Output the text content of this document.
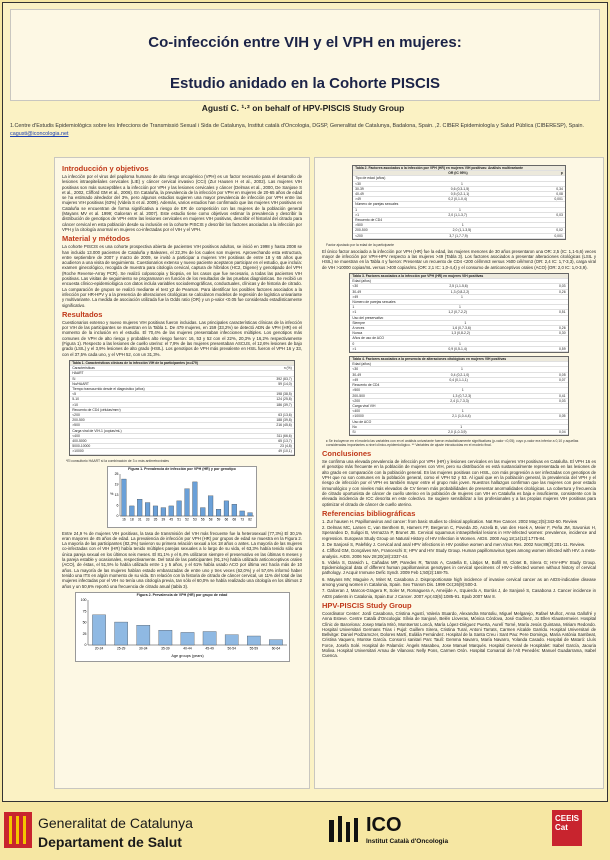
Co-infección entre VIH y el VPH en mujeres:
Estudio anidado en la Cohorte PISCIS
Agustí C. ¹·² on behalf of HPV-PISCIS Study Group
1.Centre d'Estudis Epidemiològics sobre les Infeccions de Transmissió Sexual i Sida de Catalunya, Institut català d'Oncologia, DGSP, Generalitat de Catalunya, Badalona, Spain. ,2. CIBER Epidemiología y Salud Pública (CIBERESP), Spain. cagusti@iconcologia.net
Introducción y objetivos

La infección por el virus del papiloma humano de alto riesgo oncogénico (VPH) es un factor necesario para el desarrollo de lesiones intraepiteliales cervicales (LIE) y cáncer cervical invasivo (CCI) (Zur Hausen H et al., 2002). Las mujeres VIH positivas son más susceptibles a la infección por VPH y las lesiones cervicales y cáncer (Delmas et al., 2000, De Sanjose S et al., 2002, Clifford GM et al., 2006). En Cataluña, la prevalencia de la infección por VPH en mujeres de 20-65 años de edad se ha estimado alrededor del 3%, pero algunos estudios sugieren una mayor prevalencia de infección por VPH entre las mujeres VIH positivas (63%) (Videla S et al. 2009). Además, varios estudios han confirmado que las mujeres VIH positivas en Cataluña se encuentran de forma significativa a riesgo de ER de competición con las mujeres de la población general (Mayans MV et al. 1999; Galceran et al. 2007). Este estudio tiene como objetivos estimar la prevalencia y describir la distribución de genotipos de VPH entre las lesiones cervicales en mujeres VIH positivas, describir el historial del citrado para cáncer cervical en esta población desde su inclusión en la cohorte PISCIS y describir los factores asociados a la infección por VPH y la citología anormal en mujeres co-infectadas por el VIH y el VPH.

Material y métodos

La cohorte PISCIS es una cohorte prospectiva abierta de pacientes VIH positivos adultos, se inició en 1998 y hasta 2008 se han incluido 13.000 pacientes de Cataluña y Baleares, el 22,3% de los cuales son mujeres. Aprovechando esta estructura, entre septiembre de 2007 y marzo de 2009, se invitó a participar a mujeres VIH positivas de entre 18 y 65 años que acudieron a una visita de seguimiento. Cuestionarios extenso y nuevo paciente aceptaron participar en el estudio, que incluía: examen ginecológico, recogida de muestra para citología cervical, captura de híbridos (HC2, Digene) y genotipado del VPH (Roche Reverse-Array PCR). Se realizó colposcopia y biopsia, en los casos que fue necesario, a todas las pacientes VIH positivas. Las visitas de seguimiento se programaron en función de los resultados de las pruebas diagnósticas. Se recibió un encuesta clínico-epidemiológica con datos incluía variables sociodemográficas, conductuales, clínicas y de historia de citrado. La comparación de grupos se realizó mediante el test χ2 de Pearson. Para identificar los posibles factores asociados a la infección por HR-HPV y a la presencia de alteraciones citológicas se calcularon modelos de regresión de logística univariante y multivariante. La medida de asociación utilizada fue la Odds ratio (OR) y un p-valor <0.05 fue considerado estadísticamente significativo.

Resultados

Cuestionarios extenso y nuevo mujeres VIH positivas fueron incluidas. Las principales características clínicas de la infección por VIH de las participantes se muestran en la Tabla 1. De 479 mujeres, en 159 (33,2%) se detectó ADN de VPH (HR) en el momento de la inclusión en el estudio. El 70,4% de las mujeres presentaban infecciones múltiples. Los genotipos más comunes de VPH de alto riesgo y probables alto riesgo fueron: 16, 53 y 52 con el 22%, 20,3% y 16,2% respectivamente (Figura 1). Respecto a las lesiones de cuello uterino: el 7,9% de las mujeres presentaban ASCUS, el 12,6% lesiones de bajo grado (LSIL) y el 3,9% lesiones de alto grado (HSIL). Los genotipos de VPH más prevalente en HSIL fueron el VPH 16 y 33, con el 37,5% cada uno, y el VPH 52, con un 31,3%.

Tabla 1. Características clínicas de la infección VIH de la participantes (n=479)
Características	n (%)
HAART
Sí	392 (83,7)
No/HAART	59 (14,0)
Tiempo transcurrido desde el diagnóstico (años)
<5	198 (38,5)
5-10	124 (25,8)
>10	186 (39,7)
Recuento de CD4 (células/mm³)
<200	63 (13,6)
200-500	188 (39,8)
>500	216 (45,6)
Carga viral de VIH-1 (copias/mL)
<400	311 (66,6)
400-5000	65 (13,7)
5000-10000	23 (4,8)
>10000	49 (10,1)
*El consultorio HAART si la combinación de 3 o más antirretrovirales
Figura 1. Prevalencia de infección por VPH (HR) y por genotipo
0
6
13
19
25
16 18 31 33 35 39 45 51 52 53 56 58 59 66 68 73 82
%

Entre 24,9 % de mujeres VIH positivas, la tasa de transmisión del VIH más frecuente fue la heterosexual (77,3%) El 30,1% eran mayores de 45 años de edad. La prevalencia de infección por VPH (HR) por grupos de edad se muestra en la Figura 2. La mayoría de las participantes (82,3%) tuvieron su primera relación sexual a los 18 años o antes. La mayoría de las mujeres co-infectadas con el VIH (HR) había tenido múltiples parejas sexuales a lo largo de su vida, el 63,3% había tenido sólo una única pareja sexual en los últimos seis meses. El 81,1% y el 6,4% utilizaron siempre el preservativo en las últimas 6 meses y la pareja estable y ocasionales, respectivamente. Del total de las participantes (91,1%) había utilizado anticonceptivos orales (ACO), de éstas, el 51,5% lo había utilizado entre 1 y 5 años, y el 61% había usado ACO por última vez hacía más de 10 años. La mayoría de las mujeres habían estado embarazadas de entre uno y tres veces (62,0%) y el 57,6% informó haber tenido una ITS en algún momento de su vida. En relación con la historia de citrado de cáncer cervical, un 11% del total de las mujeres infectadas por el VIH no tenía una citología previa, tan sólo el 60,0% se había realizado una citología en los últimos 2 años y un 50,6% reportó una frecuencia de citrado anual (tabla 3).

Figura 2. Prevalencia de VPH (HR) por grupo de edad
0
25
50
75
100
20-24	25-29	30-34	35-39	40-44	45-49	50-54	55-59	60-64
Age groups (years)
Tabla 2. Factores asociados a la infección por VPH (HR) en mujeres VIH positivas: Análisis multivariante
OR (IC 95%)	p
Tipo de edad (años)
<30	1
30-39	0,6 (0,3-1,5)	0,34
40-49	0,5 (0,2-1,1)	0,08
>49	0,2 (0,1-0,4)	0,001
Número de parejas sexuales
1	1
>1	2,0 (1,1-3,7)	0,03
Recuento de CD4
>500	1
200-500	2,0 (1,1-3,5)	0,02
<200	3,7 (1,7-7,9)	0,001
Factor ajustado por la edad de la participante

El único factor asociado a la infección por VPH (HR) fue la edad, las mujeres menores de 30 años presentaron una OR: 2,5 (IC: 1,1-5,6) veces mayor de infección por VPH-HPV respecto a las mujeres >49 (Tabla 3). Los factores asociados a presentar alteraciones citológicas (LSIL y HSIL) se muestran en la Tabla 4 y fueron: Presentar un recuento de CD4 <200 cél/mm3 versus >500 cél/mm3 (OR: 2,4 IC: 1,7-3,3), carga viral de VIH >10000 copias/mL versus >400 copias/mL (OR: 2,1 IC: 1,0-4,4) y el consumo de anticonceptivos orales (ACO) (OR: 2,0 IC: 1,0-3,9).

Tabla 3. Factores asociados a la infección por VPH (HR) en mujeres VIH positivas
Edad (años)
<30	2,5 (1,1-5,6)	0,03
30-49	1,3 (0,8-2,2)	0,26
>49	1
Número de parejas sexuales
1	1
>1	1,2 (0,7-2,2)	0,51
Uso del preservativo
Siempre	1
A veces	1,6 (0,7-3,6)	0,26
Nunca	1,3 (0,8-2,2)	0,30
Años de uso de ACO
0	1
>1	0,9 (0,5-1,4)	0,59
Tabla 4. Factores asociados a la presencia de alteraciones citológicas en mujeres VIH positivas
Edad (años)
<30	1
30-49	0,4 (0,2-1,0)	0,05
>49	0,4 (0,1-1,1)	0,07
Recuento de CD4
>500	1
200-500	1,3 (0,7-2,3)	0,41
<200	2,4 (1,7-3,3)	0,03
Carga viral VIH
<400	1
>10000	2,1 (1,0-4,4)	0,05
Uso de ACO
No	1
Sí	2,0 (1,0-3,9)	0,04
♦ Se incluyeron en el modelo las variables con en el análisis univariante fueron estadísticamente significativas (p-valor <0,05); cuyo p-valor era inferior a 0,10 y aquellas consideradas importantes a nivel clínico-epidemiológico. ** Variables de ajuste introducidas en el modelo final.
Conclusiones

Se confirma una elevada prevalencia de infección por VPH (HR) y lesiones cervicales en las mujeres VIH positivas en Cataluña. El VPH 16 es el genotipo más frecuente en la población de mujeres con VIH, pero su distribución es está sustancialmente representada en las lesiones de alto grado en comparación con la población general. En las mujeres positivas con HSIL, con más progresión a ser infectadas con genotipos de VPH que no son comunes en la población general, como el VPH 52 y 53. Al igual que en la población general, la prevalencia del VPH y el riesgo de infección por el VPH es también mayor entre el grupo más joven. Nuestros hallazgos confirman que las mujeres con peor estado inmunológico y con niveles más elevados de CV tienen más probabilidades de presentar anormalidades citológicas. La cobertura y frecuencia de citrado oportunista de cáncer de cuello uterino en la población de mujeres con VIH en Cataluña es baja e insuficiente, consistente con la elevada incidencia de ICC descrita en este colectivo. Se sugiere sensibilizar a los profesionales y a las propias mujeres VIH positivas para optimizar el citrado de cáncer de cuello uterino.

Referencias bibliográficas

1. Zur hausen H. Papillomavirus and cancer: from basic studies to clinical application. Nat Rev Cancer. 2002 May;2(5):342-50. Review

2. Delmas MC, Larsen C, van Benthem B, Hamers FF, Bergeron C, Poveda JD, Anzelà B, van den Hoek A, Meier F, Peña JM, Savonius H, Sperandeo D, Suligoi B, Vernazza P, Brunet JB. Cervical squamous intraepithelial lesions in HIV-infected women: prevalence, incidence and regression. European Study Group on Natural History of HIV Infection in Women. AIDS. 2000 Aug 18;14(12):1775-84.

3. De Sanjosé S, Palefsky J. Cervical and anal HPV infections in HIV positive women and men.Virus Res. 2002 Nov;89(2):201-11. Review.

4. Clifford GM, Gonçalves MA, Franceschi S; HPV and HIV Study Group. Human papillomavirus types among women infected with HIV: a meta-analysis. AIDS. 2006 Nov 28;20(18):2337-44.

5. Videla S, Darwich L, Cañadas MP, Paredes R, Tarrats A, Castella E, Llatjos M, Bofill M, Clotet B, Sirera G; HIV-HPV Study Group. Epidemiological data of different human papillomavirus genotypes in cervical specimens of HIV-1-infected women without history of cervical pathology. J Acquir Immune Defic Syndr. 2009 Feb 1;50(2):168-75.

6. Mayans MV, Maguire A, Miret M, Casabona J. Disproportionate high incidence of invasive cervical cancer as an AIDS-indicative disease among young women in Catalonia, Spain. Sex Transm Dis. 1999 Oct;26(9):500-3.

7. Galceran J, Marcos-Gragera R, Soler M, Romaguera A, Ameijide A, Izquierdo A, Borràs J, de Sanjosé S, Casabona J. Cancer incidence in AIDS patients in Catalonia, Spain.Eur J Cancer. 2007 Apr;43(6):1085-91. Epub 2007 Mar 8.

HPV-PISCIS Study Group

Coordinator Center: Jordi Casabona, Cristina Agustí, Valeria Stuardo, Alexandra Montoliu, Miguel Melgarejo, Rafael Muñoz, Anna Gallofré y Anna Esteve. Centre Català d'Oncologia: Sílvia de Sanjosé, Belén Lloveras, Mònica Córdova, José Godínez, Jo Ellen Klaustermeier. Hospital Clínic de Barcelona: Josep Maria Miró, Montserrat Loncà, María López-Diéguez Puerta, Aurelí Torné, María Jesús Quintana, Miriam Redondo. Hospital Universitari Germans Trias i Pujol: Guillem Sirera, Cristina Tural, Antoni Tarrats, Carmen Alcalde Garrido. Hospital Universitari de Bellvitge: Daniel Podzamczer, Dolores Martí, Eulàlia Fernández. Hospital de la Santa Creu i Sant Pau: Pere Domingo, María Antònia Sambeat, Cristina Vaquero, Montse García. Consorci sanitari Parc Taulí: Gemma Navarro, María Navarro, Yolanda Casado. Hospital de Mataró: Lluís Force, Josefa Solé. Hospital de Palamós: Àngels Masabeu, Jose Manuel Marqués. Hospital General de Hospitalet: Isabel García, Jaouria Moliva. Hospital Universitari Arnau de Vilanova: Nelly Pons, Carmen Orón. Hospital Comarcal de l'Alt Penedès: Manuel Guadarrama, Isabel Cuenca.

Generalitat de Catalunya
Departament de Salut
ICO
Institut Català d'Oncologia
CEEIS
Cat
